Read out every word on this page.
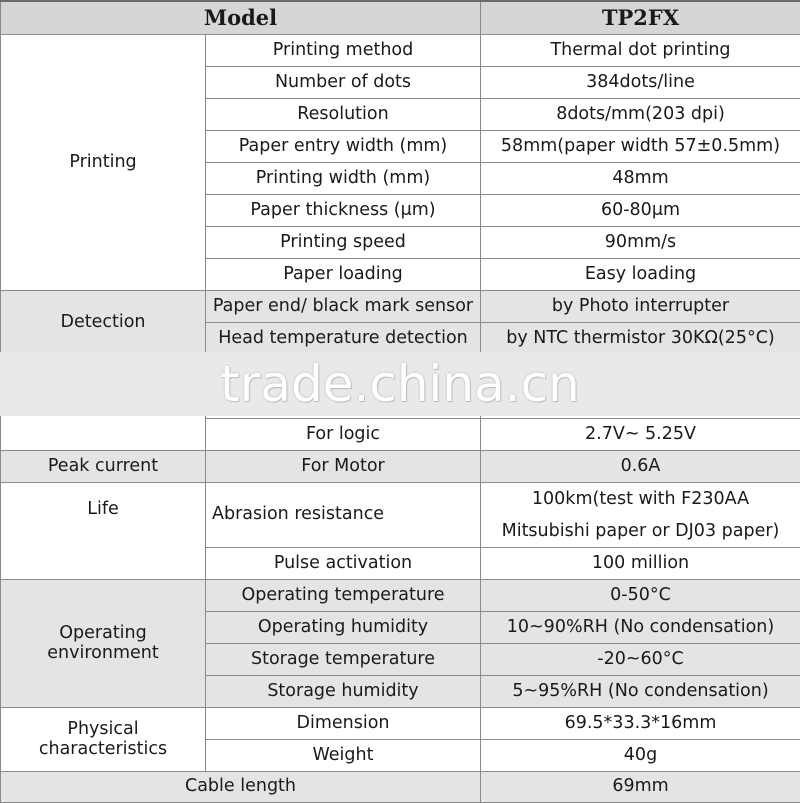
Model		TP2FX
Printing	Printing method	Thermal dot printing
	Number of dots	384dots/line
	Resolution	8dots/mm(203 dpi)
	Paper entry width (mm)	58mm(paper width 57±0.5mm)
	Printing width (mm)	48mm
	Paper thickness (μm)	60-80μm
	Printing speed	90mm/s
	Paper loading	Easy loading
Detection	Paper end/ black mark sensor	by Photo interrupter
	Head temperature detection	by NTC thermistor 30KΩ(25°C)

	For logic	2.7V~ 5.25V
Peak current	For Motor	0.6A
Life	Abrasion resistance	100km(test with F230AA
Mitsubishi paper or DJ03 paper)

	Pulse activation	100 million
Operating environment	Operating temperature	0-50°C
	Operating humidity	10~90%RH (No condensation)
	Storage temperature	-20~60°C
	Storage humidity	5~95%RH (No condensation)
Physical characteristics	Dimension	69.5*33.3*16mm
	Weight	40g
Cable length		69mm
trade.china.cn
